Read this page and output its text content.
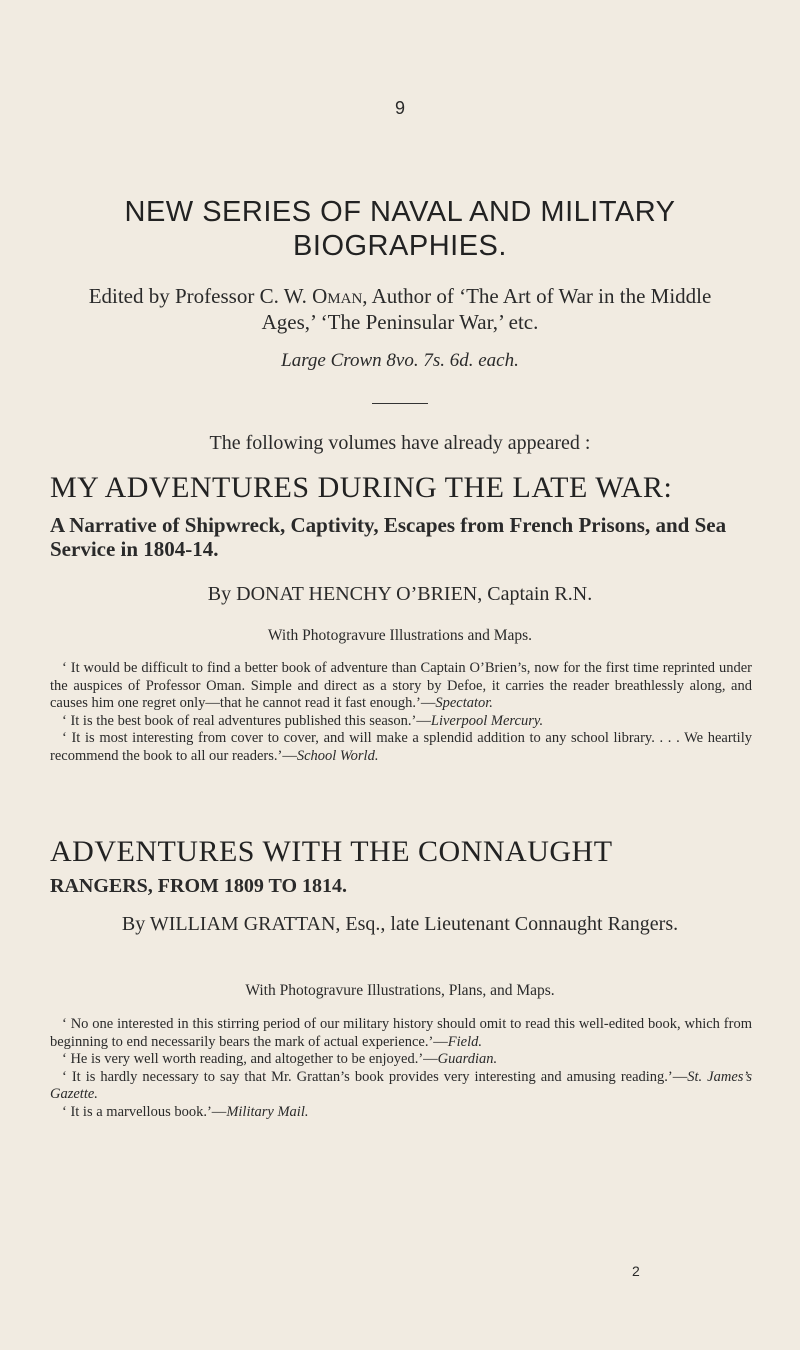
9
NEW SERIES OF NAVAL AND MILITARY BIOGRAPHIES.
Edited by Professor C. W. Oman, Author of ‘The Art of War in the Middle Ages,’ ‘The Peninsular War,’ etc.
Large Crown 8vo. 7s. 6d. each.
The following volumes have already appeared :
MY ADVENTURES DURING THE LATE WAR:
A Narrative of Shipwreck, Captivity, Escapes from French Prisons, and Sea Service in 1804-14.
By DONAT HENCHY O’BRIEN, Captain R.N.
With Photogravure Illustrations and Maps.

‘ It would be difficult to find a better book of adventure than Captain O’Brien’s, now for the first time reprinted under the auspices of Professor Oman. Simple and direct as a story by Defoe, it carries the reader breathlessly along, and causes him one regret only—that he cannot read it fast enough.’—Spectator.

‘ It is the best book of real adventures published this season.’—Liverpool Mercury.

‘ It is most interesting from cover to cover, and will make a splendid addition to any school library. . . . We heartily recommend the book to all our readers.’—School World.

ADVENTURES WITH THE CONNAUGHT
RANGERS, FROM 1809 TO 1814.
By WILLIAM GRATTAN, Esq., late Lieutenant Connaught Rangers.
With Photogravure Illustrations, Plans, and Maps.

‘ No one interested in this stirring period of our military history should omit to read this well-edited book, which from beginning to end necessarily bears the mark of actual experience.’—Field.

‘ He is very well worth reading, and altogether to be enjoyed.’—Guardian.

‘ It is hardly necessary to say that Mr. Grattan’s book provides very interesting and amusing reading.’—St. James’s Gazette.

‘ It is a marvellous book.’—Military Mail.

2
